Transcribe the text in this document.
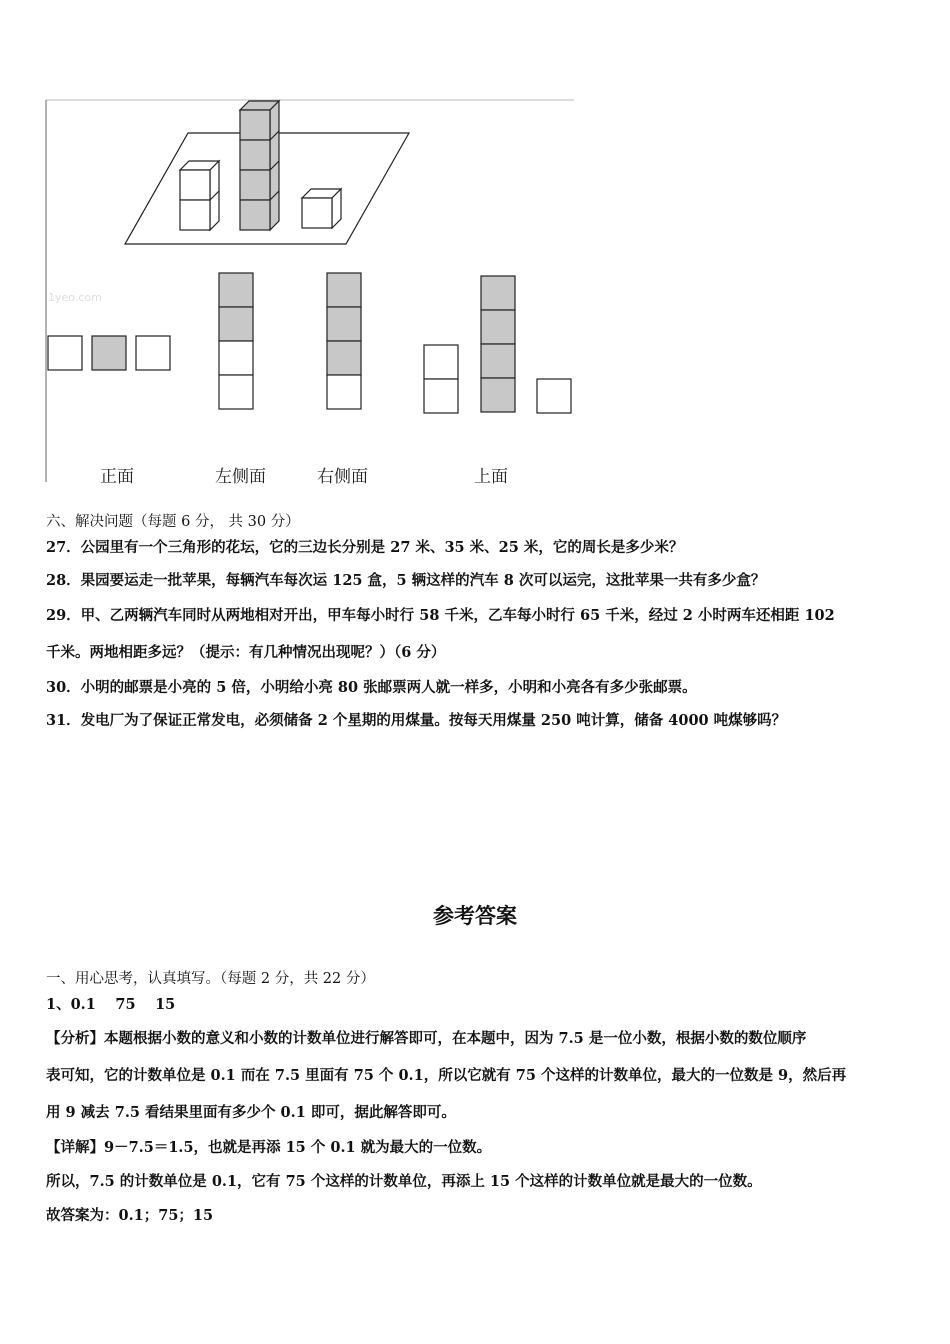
1yeo.com
正面	左侧面	右侧面	上面
六、解决问题（每题 6 分， 共 30 分）
27．公园里有一个三角形的花坛，它的三边长分别是 27 米、35 米、25 米，它的周长是多少米？
28．果园要运走一批苹果，每辆汽车每次运 125 盒，5 辆这样的汽车 8 次可以运完，这批苹果一共有多少盒？
29．甲、乙两辆汽车同时从两地相对开出，甲车每小时行 58 千米，乙车每小时行 65 千米，经过 2 小时两车还相距 102
千米。两地相距多远？（提示：有几种情况出现呢？）（6 分）
30．小明的邮票是小亮的 5 倍，小明给小亮 80 张邮票两人就一样多，小明和小亮各有多少张邮票。
31．发电厂为了保证正常发电，必须储备 2 个星期的用煤量。按每天用煤量 250 吨计算，储备 4000 吨煤够吗？
参考答案
一、用心思考，认真填写。（每题 2 分，共 22 分）
1、0.1　 75　 15
【分析】本题根据小数的意义和小数的计数单位进行解答即可，在本题中，因为 7.5 是一位小数，根据小数的数位顺序
表可知，它的计数单位是 0.1 而在 7.5 里面有 75 个 0.1，所以它就有 75 个这样的计数单位，最大的一位数是 9，然后再
用 9 减去 7.5 看结果里面有多少个 0.1 即可，据此解答即可。
【详解】9－7.5＝1.5，也就是再添 15 个 0.1 就为最大的一位数。
所以，7.5 的计数单位是 0.1，它有 75 个这样的计数单位，再添上 15 个这样的计数单位就是最大的一位数。
故答案为：0.1；75；15
